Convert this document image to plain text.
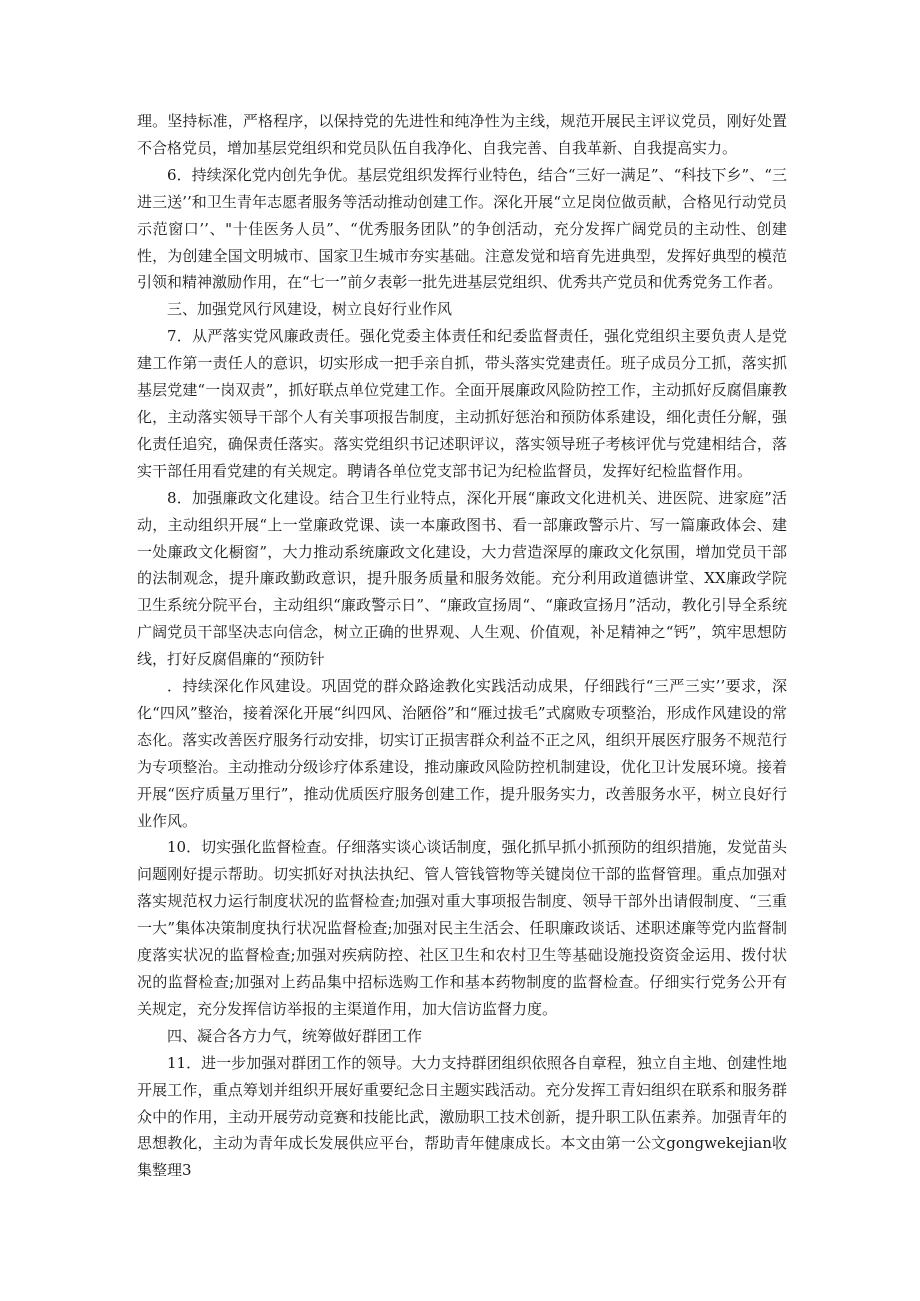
理。坚持标准，严格程序，以保持党的先进性和纯净性为主线，规范开展民主评议党员，刚好处置不合格党员，增加基层党组织和党员队伍自我净化、自我完善、自我革新、自我提高实力。

6．持续深化党内创先争优。基层党组织发挥行业特色，结合“三好一满足”、“科技下乡”、“三进三送’’和卫生青年志愿者服务等活动推动创建工作。深化开展“立足岗位做贡献，合格见行动党员示范窗口’’、"十佳医务人员”、“优秀服务团队”的争创活动，充分发挥广阔党员的主动性、创建性，为创建全国文明城市、国家卫生城市夯实基础。注意发觉和培育先进典型，发挥好典型的模范引领和精神激励作用，在“七一”前夕表彰一批先进基层党组织、优秀共产党员和优秀党务工作者。

三、加强党风行风建设，树立良好行业作风

7．从严落实党风廉政责任。强化党委主体责任和纪委监督责任，强化党组织主要负责人是党建工作第一责任人的意识，切实形成一把手亲自抓，带头落实党建责任。班子成员分工抓，落实抓基层党建“一岗双责”，抓好联点单位党建工作。全面开展廉政风险防控工作，主动抓好反腐倡廉教化，主动落实领导干部个人有关事项报告制度，主动抓好惩治和预防体系建设，细化责任分解，强化责任追究，确保责任落实。落实党组织书记述职评议，落实领导班子考核评优与党建相结合，落实干部任用看党建的有关规定。聘请各单位党支部书记为纪检监督员，发挥好纪检监督作用。

8．加强廉政文化建设。结合卫生行业特点，深化开展“廉政文化进机关、进医院、进家庭”活动，主动组织开展“上一堂廉政党课、读一本廉政图书、看一部廉政警示片、写一篇廉政体会、建一处廉政文化橱窗”，大力推动系统廉政文化建设，大力营造深厚的廉政文化氛围，增加党员干部的法制观念，提升廉政勤政意识，提升服务质量和服务效能。充分利用政道德讲堂、XX廉政学院卫生系统分院平台，主动组织“廉政警示日”、“廉政宣扬周“、“廉政宣扬月”活动，教化引导全系统广阔党员干部坚决志向信念，树立正确的世界观、人生观、价值观，补足精神之“钙”，筑牢思想防线，打好反腐倡廉的“预防针

．持续深化作风建设。巩固党的群众路途教化实践活动成果，仔细践行“三严三实’’要求，深化“四风”整治，接着深化开展“纠四风、治陋俗”和“雁过拔毛”式腐败专项整治，形成作风建设的常态化。落实改善医疗服务行动安排，切实订正损害群众利益不正之风，组织开展医疗服务不规范行为专项整治。主动推动分级诊疗体系建设，推动廉政风险防控机制建设，优化卫计发展环境。接着开展“医疗质量万里行”，推动优质医疗服务创建工作，提升服务实力，改善服务水平，树立良好行业作风。

10．切实强化监督检查。仔细落实谈心谈话制度，强化抓早抓小抓预防的组织措施，发觉苗头问题刚好提示帮助。切实抓好对执法执纪、管人管钱管物等关键岗位干部的监督管理。重点加强对落实规范权力运行制度状况的监督检查;加强对重大事项报告制度、领导干部外出请假制度、“三重一大”集体决策制度执行状况监督检查;加强对民主生活会、任职廉政谈话、述职述廉等党内监督制度落实状况的监督检查;加强对疾病防控、社区卫生和农村卫生等基础设施投资资金运用、拨付状况的监督检查;加强对上药品集中招标选购工作和基本药物制度的监督检查。仔细实行党务公开有关规定，充分发挥信访举报的主渠道作用，加大信访监督力度。

四、凝合各方力气，统筹做好群团工作

11．进一步加强对群团工作的领导。大力支持群团组织依照各自章程，独立自主地、创建性地开展工作，重点筹划并组织开展好重要纪念日主题实践活动。充分发挥工青妇组织在联系和服务群众中的作用，主动开展劳动竞赛和技能比武，激励职工技术创新，提升职工队伍素养。加强青年的思想教化，主动为青年成长发展供应平台，帮助青年健康成长。本文由第一公文gongwekejian收集整理3
